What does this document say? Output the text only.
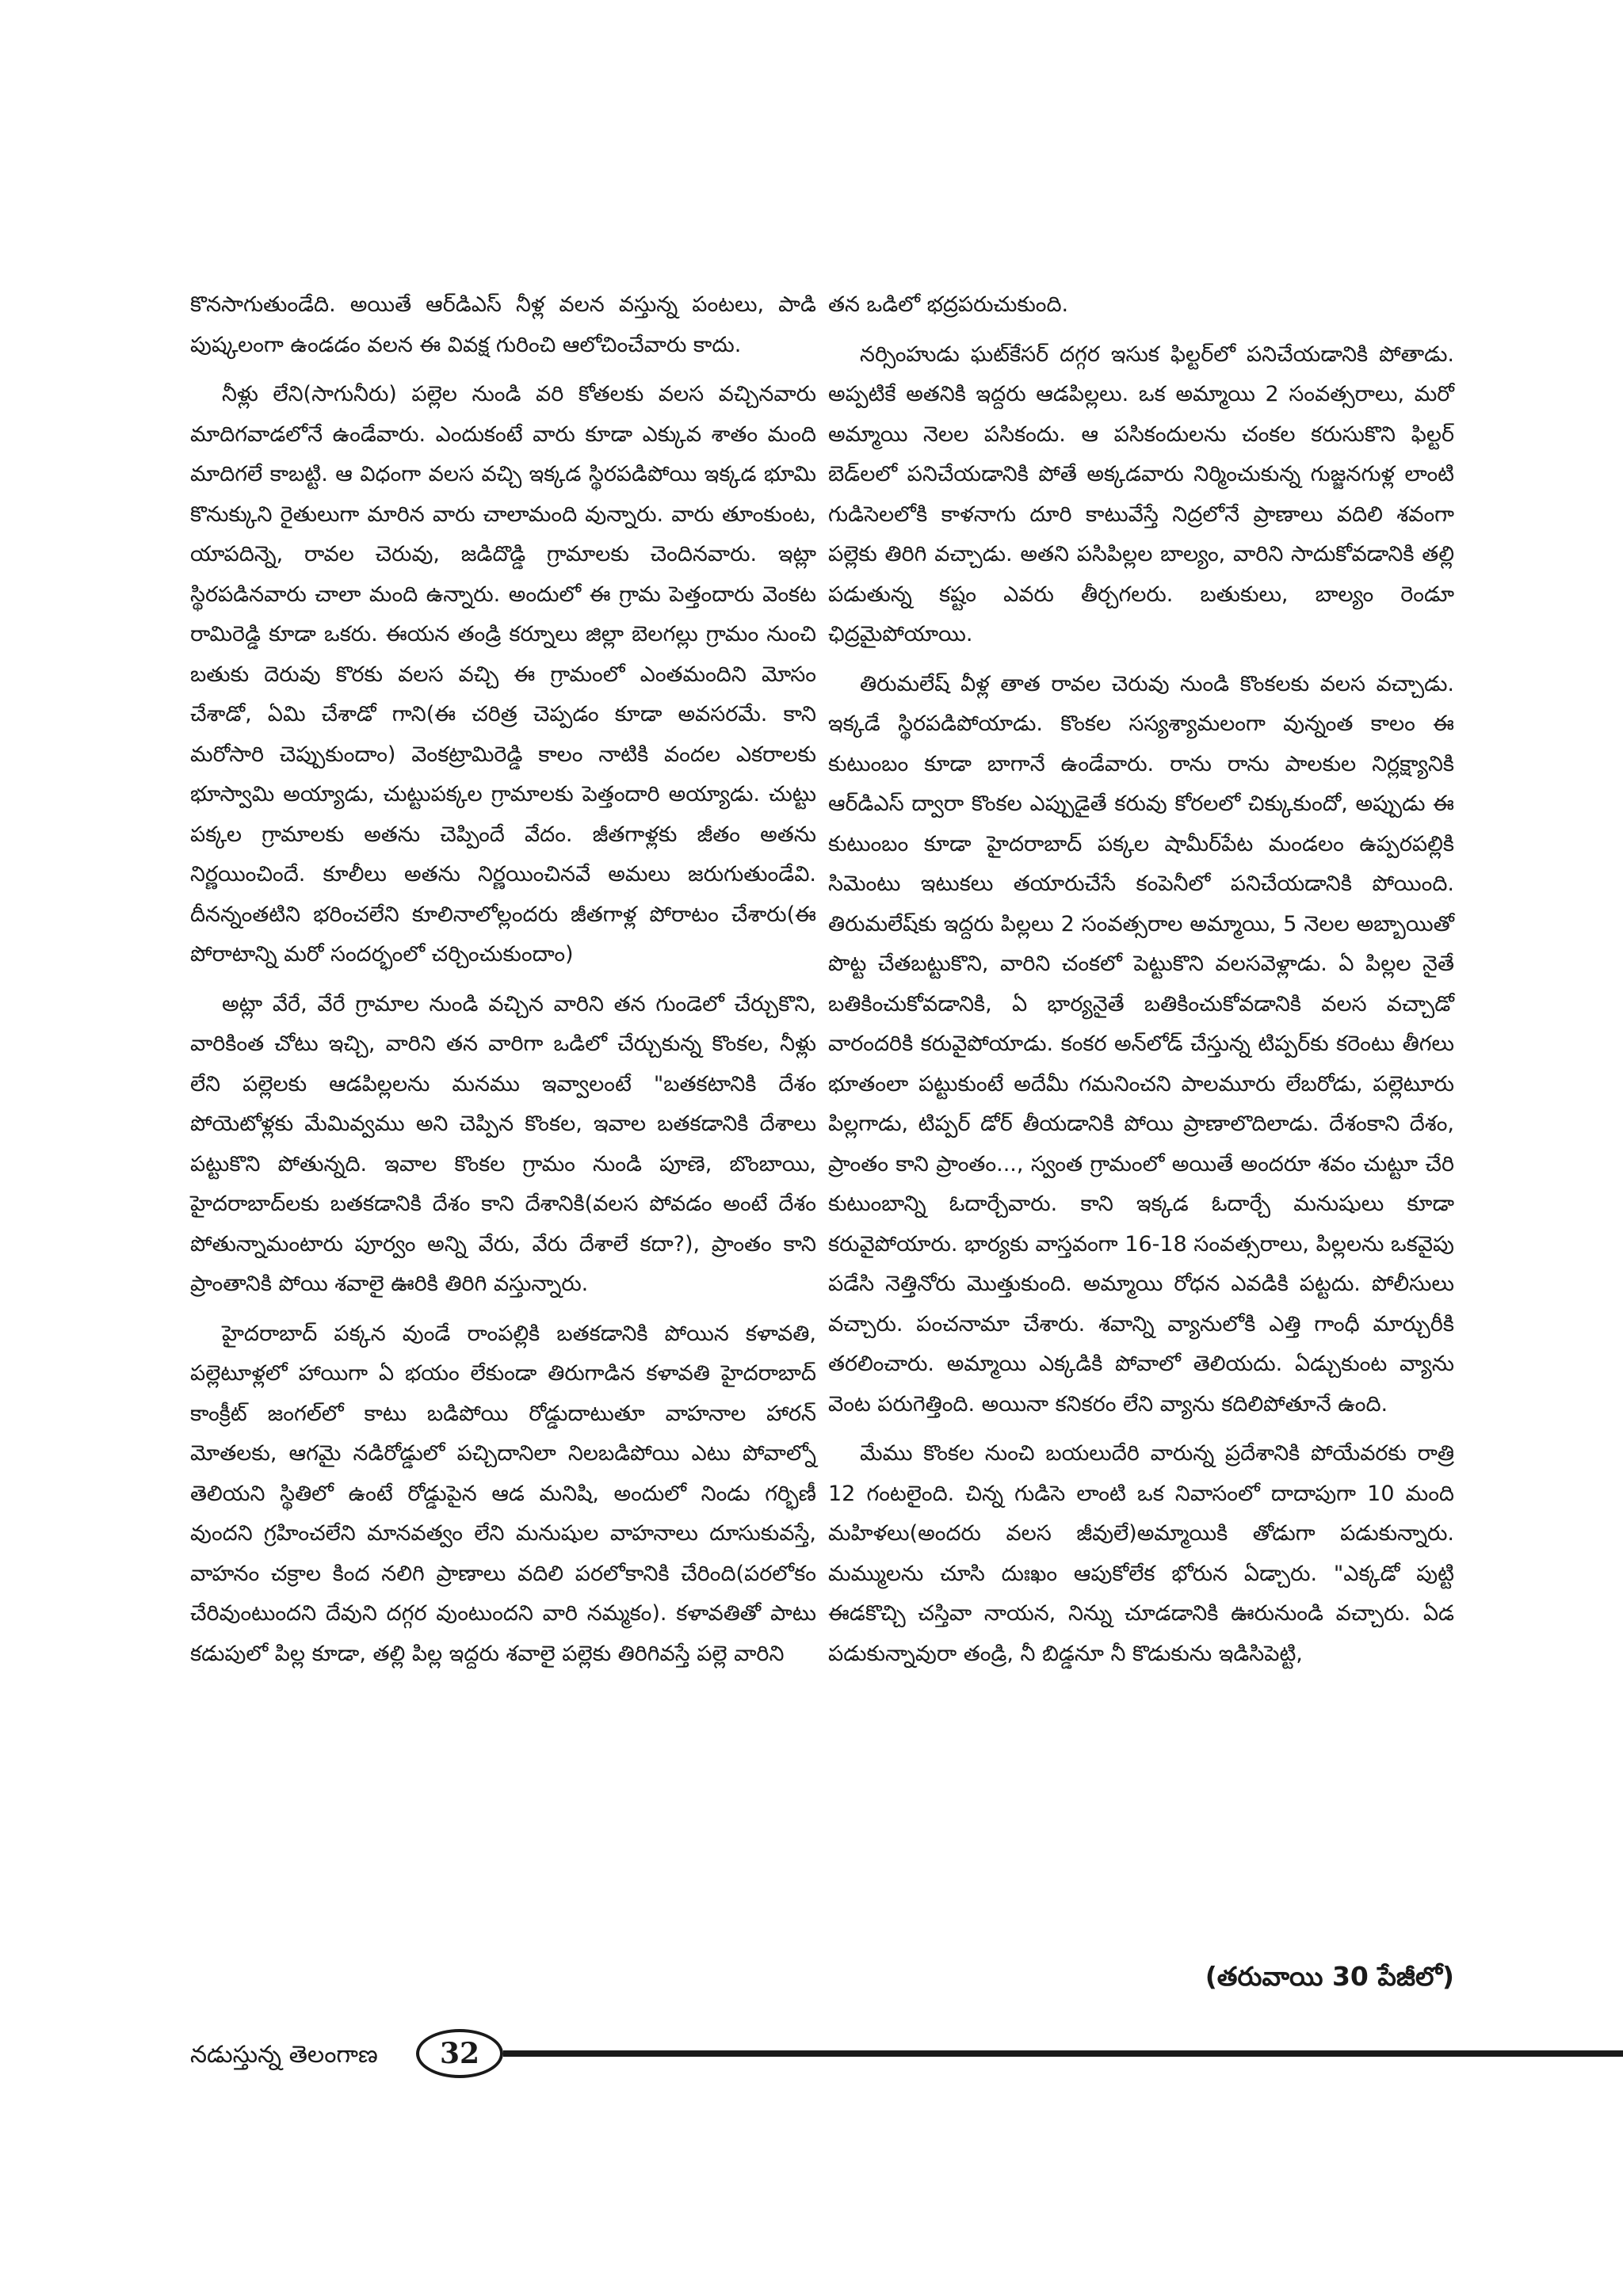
కొనసాగుతుండేది. అయితే ఆర్‌డిఎస్ నీళ్ల వలన వస్తున్న పంటలు, పాడి పుష్కలంగా ఉండడం వలన ఈ వివక్ష గురించి ఆలోచించేవారు కాదు.

నీళ్లు లేని(సాగునీరు) పల్లెల నుండి వరి కోతలకు వలస వచ్చినవారు మాదిగవాడలోనే ఉండేవారు. ఎందుకంటే వారు కూడా ఎక్కువ శాతం మంది మాదిగలే కాబట్టి. ఆ విధంగా వలస వచ్చి ఇక్కడ స్థిరపడిపోయి ఇక్కడ భూమి కొనుక్కుని రైతులుగా మారిన వారు చాలామంది వున్నారు. వారు తూంకుంట, యాపదిన్నె, రావల చెరువు, జడిదొడ్డి గ్రామాలకు చెందినవారు. ఇట్లా స్థిరపడినవారు చాలా మంది ఉన్నారు. అందులో ఈ గ్రామ పెత్తందారు వెంకట రామిరెడ్డి కూడా ఒకరు. ఈయన తండ్రి కర్నూలు జిల్లా బెలగల్లు గ్రామం నుంచి బతుకు దెరువు కొరకు వలస వచ్చి ఈ గ్రామంలో ఎంతమందిని మోసం చేశాడో, ఏమి చేశాడో గాని(ఈ చరిత్ర చెప్పడం కూడా అవసరమే. కాని మరోసారి చెప్పుకుందాం) వెంకట్రామిరెడ్డి కాలం నాటికి వందల ఎకరాలకు భూస్వామి అయ్యాడు, చుట్టుపక్కల గ్రామాలకు పెత్తందారి అయ్యాడు. చుట్టు పక్కల గ్రామాలకు అతను చెప్పిందే వేదం. జీతగాళ్లకు జీతం అతను నిర్ణయించిందే. కూలీలు అతను నిర్ణయించినవే అమలు జరుగుతుండేవి. దీనన్నంతటిని భరించలేని కూలినాలోల్లందరు జీతగాళ్ల పోరాటం చేశారు(ఈ పోరాటాన్ని మరో సందర్భంలో చర్చించుకుందాం)

అట్లా వేరే, వేరే గ్రామాల నుండి వచ్చిన వారిని తన గుండెలో చేర్చుకొని, వారికింత చోటు ఇచ్చి, వారిని తన వారిగా ఒడిలో చేర్చుకున్న కొంకల, నీళ్లు లేని పల్లెలకు ఆడపిల్లలను మనము ఇవ్వాలంటే "బతకటానికి దేశం పోయెటోళ్లకు మేమివ్వము అని చెప్పిన కొంకల, ఇవాల బతకడానికి దేశాలు పట్టుకొని పోతున్నది. ఇవాల కొంకల గ్రామం నుండి పూణె, బొంబాయి, హైదరాబాద్‌లకు బతకడానికి దేశం కాని దేశానికి(వలస పోవడం అంటే దేశం పోతున్నామంటారు పూర్వం అన్ని వేరు, వేరు దేశాలే కదా?), ప్రాంతం కాని ప్రాంతానికి పోయి శవాలై ఊరికి తిరిగి వస్తున్నారు.

హైదరాబాద్ పక్కన వుండే రాంపల్లికి బతకడానికి పోయిన కళావతి, పల్లెటూళ్లలో హాయిగా ఏ భయం లేకుండా తిరుగాడిన కళావతి హైదరాబాద్ కాంక్రీట్ జంగల్‌లో కాటు బడిపోయి రోడ్డుదాటుతూ వాహనాల హారన్ మోతలకు, ఆగమై నడిరోడ్డులో పచ్చిదానిలా నిలబడిపోయి ఎటు పోవాల్నో తెలియని స్థితిలో ఉంటే రోడ్డుపైన ఆడ మనిషి, అందులో నిండు గర్భిణీ వుందని గ్రహించలేని మానవత్వం లేని మనుషుల వాహనాలు దూసుకువస్తే, వాహనం చక్రాల కింద నలిగి ప్రాణాలు వదిలి పరలోకానికి చేరింది(పరలోకం చేరివుంటుందని దేవుని దగ్గర వుంటుందని వారి నమ్మకం). కళావతితో పాటు కడుపులో పిల్ల కూడా, తల్లి పిల్ల ఇద్దరు శవాలై పల్లెకు తిరిగివస్తే పల్లె వారిని

తన ఒడిలో భద్రపరుచుకుంది.

నర్సింహుడు ఘట్‌కేసర్ దగ్గర ఇసుక ఫిల్టర్‌లో పనిచేయడానికి పోతాడు. అప్పటికే అతనికి ఇద్దరు ఆడపిల్లలు. ఒక అమ్మాయి 2 సంవత్సరాలు, మరో అమ్మాయి నెలల పసికందు. ఆ పసికందులను చంకల కరుసుకొని ఫిల్టర్ బెడ్‌లలో పనిచేయడానికి పోతే అక్కడవారు నిర్మించుకున్న గుజ్జనగుళ్ల లాంటి గుడిసెలలోకి కాళనాగు దూరి కాటువేస్తే నిద్రలోనే ప్రాణాలు వదిలి శవంగా పల్లెకు తిరిగి వచ్చాడు. అతని పసిపిల్లల బాల్యం, వారిని సాదుకోవడానికి తల్లి పడుతున్న కష్టం ఎవరు తీర్చగలరు. బతుకులు, బాల్యం రెండూ ఛిద్రమైపోయాయి.

తిరుమలేష్ వీళ్ల తాత రావల చెరువు నుండి కొంకలకు వలస వచ్చాడు. ఇక్కడే స్థిరపడిపోయాడు. కొంకల సస్యశ్యామలంగా వున్నంత కాలం ఈ కుటుంబం కూడా బాగానే ఉండేవారు. రాను రాను పాలకుల నిర్లక్ష్యానికి ఆర్‌డిఎస్ ద్వారా కొంకల ఎప్పుడైతే కరువు కోరలలో చిక్కుకుందో, అప్పుడు ఈ కుటుంబం కూడా హైదరాబాద్ పక్కల షామీర్‌పేట మండలం ఉప్పరపల్లికి సిమెంటు ఇటుకలు తయారుచేసే కంపెనీలో పనిచేయడానికి పోయింది. తిరుమలేష్‌కు ఇద్దరు పిల్లలు 2 సంవత్సరాల అమ్మాయి, 5 నెలల అబ్బాయితో పొట్ట చేతబట్టుకొని, వారిని చంకలో పెట్టుకొని వలసవెళ్లాడు. ఏ పిల్లల నైతే బతికించుకోవడానికి, ఏ భార్యనైతే బతికించుకోవడానికి వలస వచ్చాడో వారందరికి కరువైపోయాడు. కంకర అన్‌లోడ్ చేస్తున్న టిప్పర్‌కు కరెంటు తీగలు భూతంలా పట్టుకుంటే అదేమీ గమనించని పాలమూరు లేబరోడు, పల్లెటూరు పిల్లగాడు, టిప్పర్ డోర్ తీయడానికి పోయి ప్రాణాలొదిలాడు. దేశంకాని దేశం, ప్రాంతం కాని ప్రాంతం..., స్వంత గ్రామంలో అయితే అందరూ శవం చుట్టూ చేరి కుటుంబాన్ని ఓదార్చేవారు. కాని ఇక్కడ ఓదార్చే మనుషులు కూడా కరువైపోయారు. భార్యకు వాస్తవంగా 16-18 సంవత్సరాలు, పిల్లలను ఒకవైపు పడేసి నెత్తినోరు మొత్తుకుంది. అమ్మాయి రోధన ఎవడికి పట్టదు. పోలీసులు వచ్చారు. పంచనామా చేశారు. శవాన్ని వ్యానులోకి ఎత్తి గాంధీ మార్చురీకి తరలించారు. అమ్మాయి ఎక్కడికి పోవాలో తెలియదు. ఏడ్చుకుంట వ్యాను వెంట పరుగెత్తింది. అయినా కనికరం లేని వ్యాను కదిలిపోతూనే ఉంది.

మేము కొంకల నుంచి బయలుదేరి వారున్న ప్రదేశానికి పోయేవరకు రాత్రి 12 గంటలైంది. చిన్న గుడిసె లాంటి ఒక నివాసంలో దాదాపుగా 10 మంది మహిళలు(అందరు వలస జీవులే)అమ్మాయికి తోడుగా పడుకున్నారు. మమ్ములను చూసి దుఃఖం ఆపుకోలేక భోరున ఏడ్చారు. "ఎక్కడో పుట్టి ఈడకొచ్చి చస్తివా నాయన, నిన్ను చూడడానికి ఊరునుండి వచ్చారు. ఏడ పడుకున్నావురా తండ్రి, నీ బిడ్డనూ నీ కొడుకును ఇడిసిపెట్టి,

(తరువాయి 30 పేజీలో)
నడుస్తున్న తెలంగాణ	32
